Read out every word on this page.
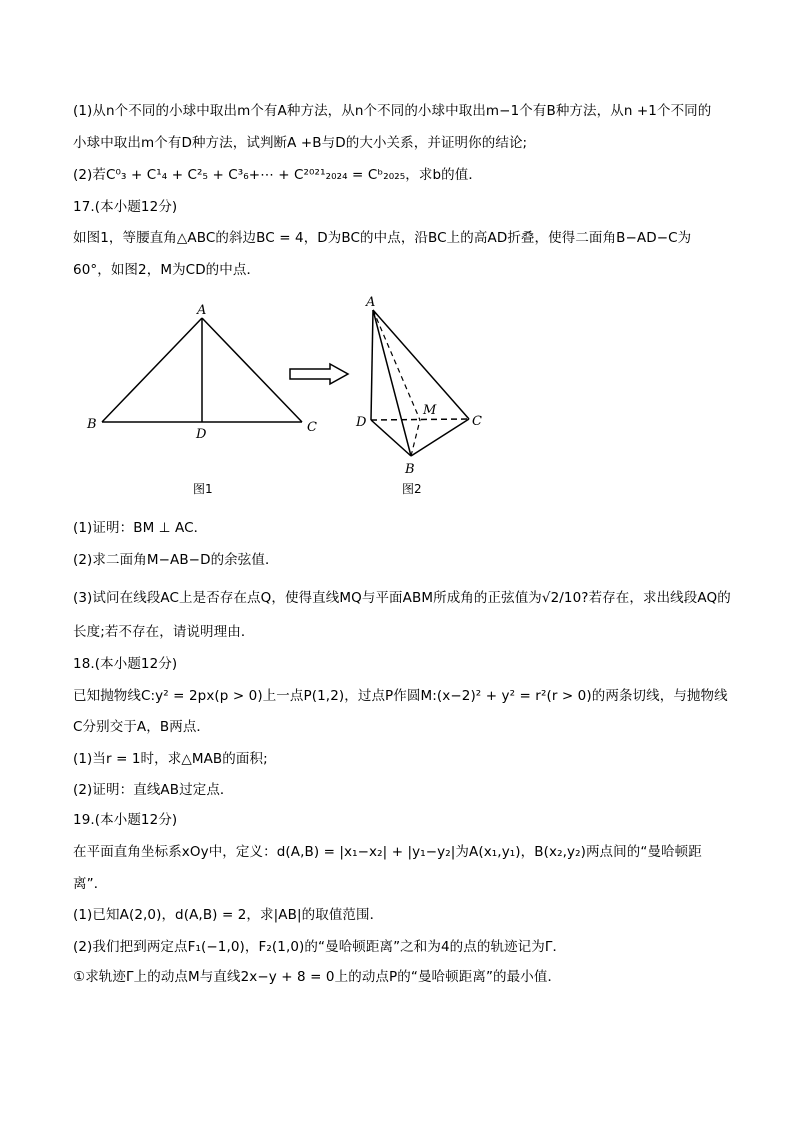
(1)从n个不同的小球中取出m个有A种方法，从n个不同的小球中取出m−1个有B种方法，从n +1个不同的
小球中取出m个有D种方法，试判断A +B与D的大小关系，并证明你的结论;
(2)若C⁰₃ + C¹₄ + C²₅ + C³₆+⋯ + C²⁰²¹₂₀₂₄ = Cᵇ₂₀₂₅，求b的值．
17.(本小题12分)
如图1，等腰直角△ABC的斜边BC = 4，D为BC的中点，沿BC上的高AD折叠，使得二面角B−AD−C为
60°，如图2，M为CD的中点．
A
B	C
D
图1
A
D	C
B
M
图2
(1)证明：BM ⊥ AC．
(2)求二面角M−AB−D的余弦值．
(3)试问在线段AC上是否存在点Q，使得直线MQ与平面ABM所成角的正弦值为√2/10?若存在，求出线段AQ的
长度;若不存在，请说明理由．
18.(本小题12分)
已知抛物线C:y² = 2px(p > 0)上一点P(1,2)，过点P作圆M:(x−2)² + y² = r²(r > 0)的两条切线，与抛物线
C分别交于A，B两点．
(1)当r = 1时，求△MAB的面积;
(2)证明：直线AB过定点．
19.(本小题12分)
在平面直角坐标系xOy中，定义：d(A,B) = |x₁−x₂| + |y₁−y₂|为A(x₁,y₁)，B(x₂,y₂)两点间的“曼哈顿距
离”．
(1)已知A(2,0)，d(A,B) = 2，求|AB|的取值范围．
(2)我们把到两定点F₁(−1,0)，F₂(1,0)的“曼哈顿距离”之和为4的点的轨迹记为Γ．
①求轨迹Γ上的动点M与直线2x−y + 8 = 0上的动点P的“曼哈顿距离”的最小值．
